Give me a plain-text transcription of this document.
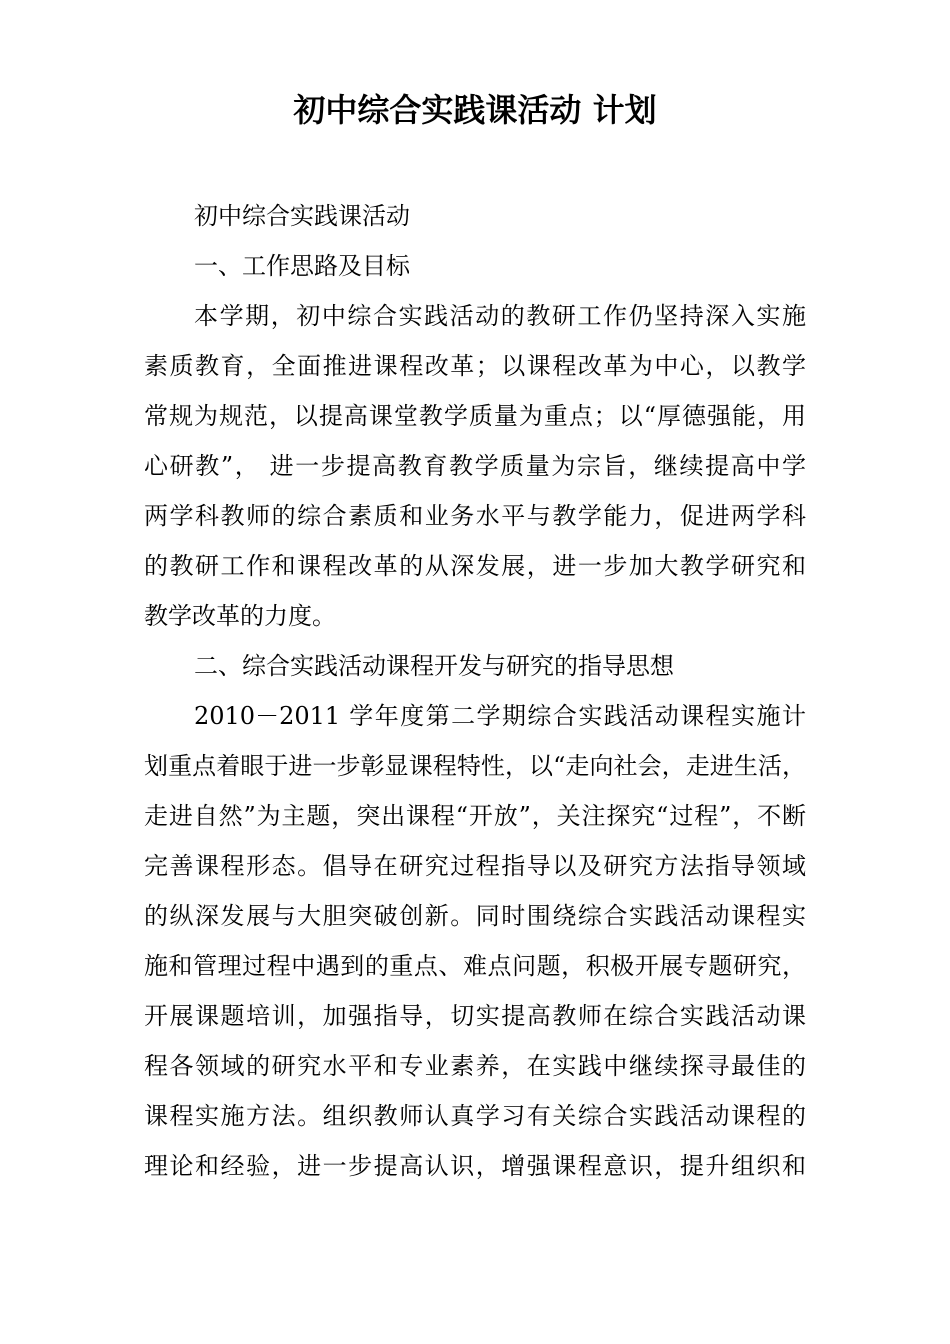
初中综合实践课活动 计划
初中综合实践课活动
一、工作思路及目标
本学期，初中综合实践活动的教研工作仍坚持深入实施
素质教育，全面推进课程改革；以课程改革为中心，以教学
常规为规范，以提高课堂教学质量为重点；以“厚德强能，用
心研教”， 进一步提高教育教学质量为宗旨，继续提高中学
两学科教师的综合素质和业务水平与教学能力，促进两学科
的教研工作和课程改革的从深发展，进一步加大教学研究和
教学改革的力度。
二、综合实践活动课程开发与研究的指导思想
2010－2011 学年度第二学期综合实践活动课程实施计
划重点着眼于进一步彰显课程特性，以“走向社会，走进生活，
走进自然”为主题，突出课程“开放”，关注探究“过程”，不断
完善课程形态。倡导在研究过程指导以及研究方法指导领域
的纵深发展与大胆突破创新。同时围绕综合实践活动课程实
施和管理过程中遇到的重点、难点问题，积极开展专题研究，
开展课题培训，加强指导，切实提高教师在综合实践活动课
程各领域的研究水平和专业素养，在实践中继续探寻最佳的
课程实施方法。组织教师认真学习有关综合实践活动课程的
理论和经验，进一步提高认识，增强课程意识，提升组织和
